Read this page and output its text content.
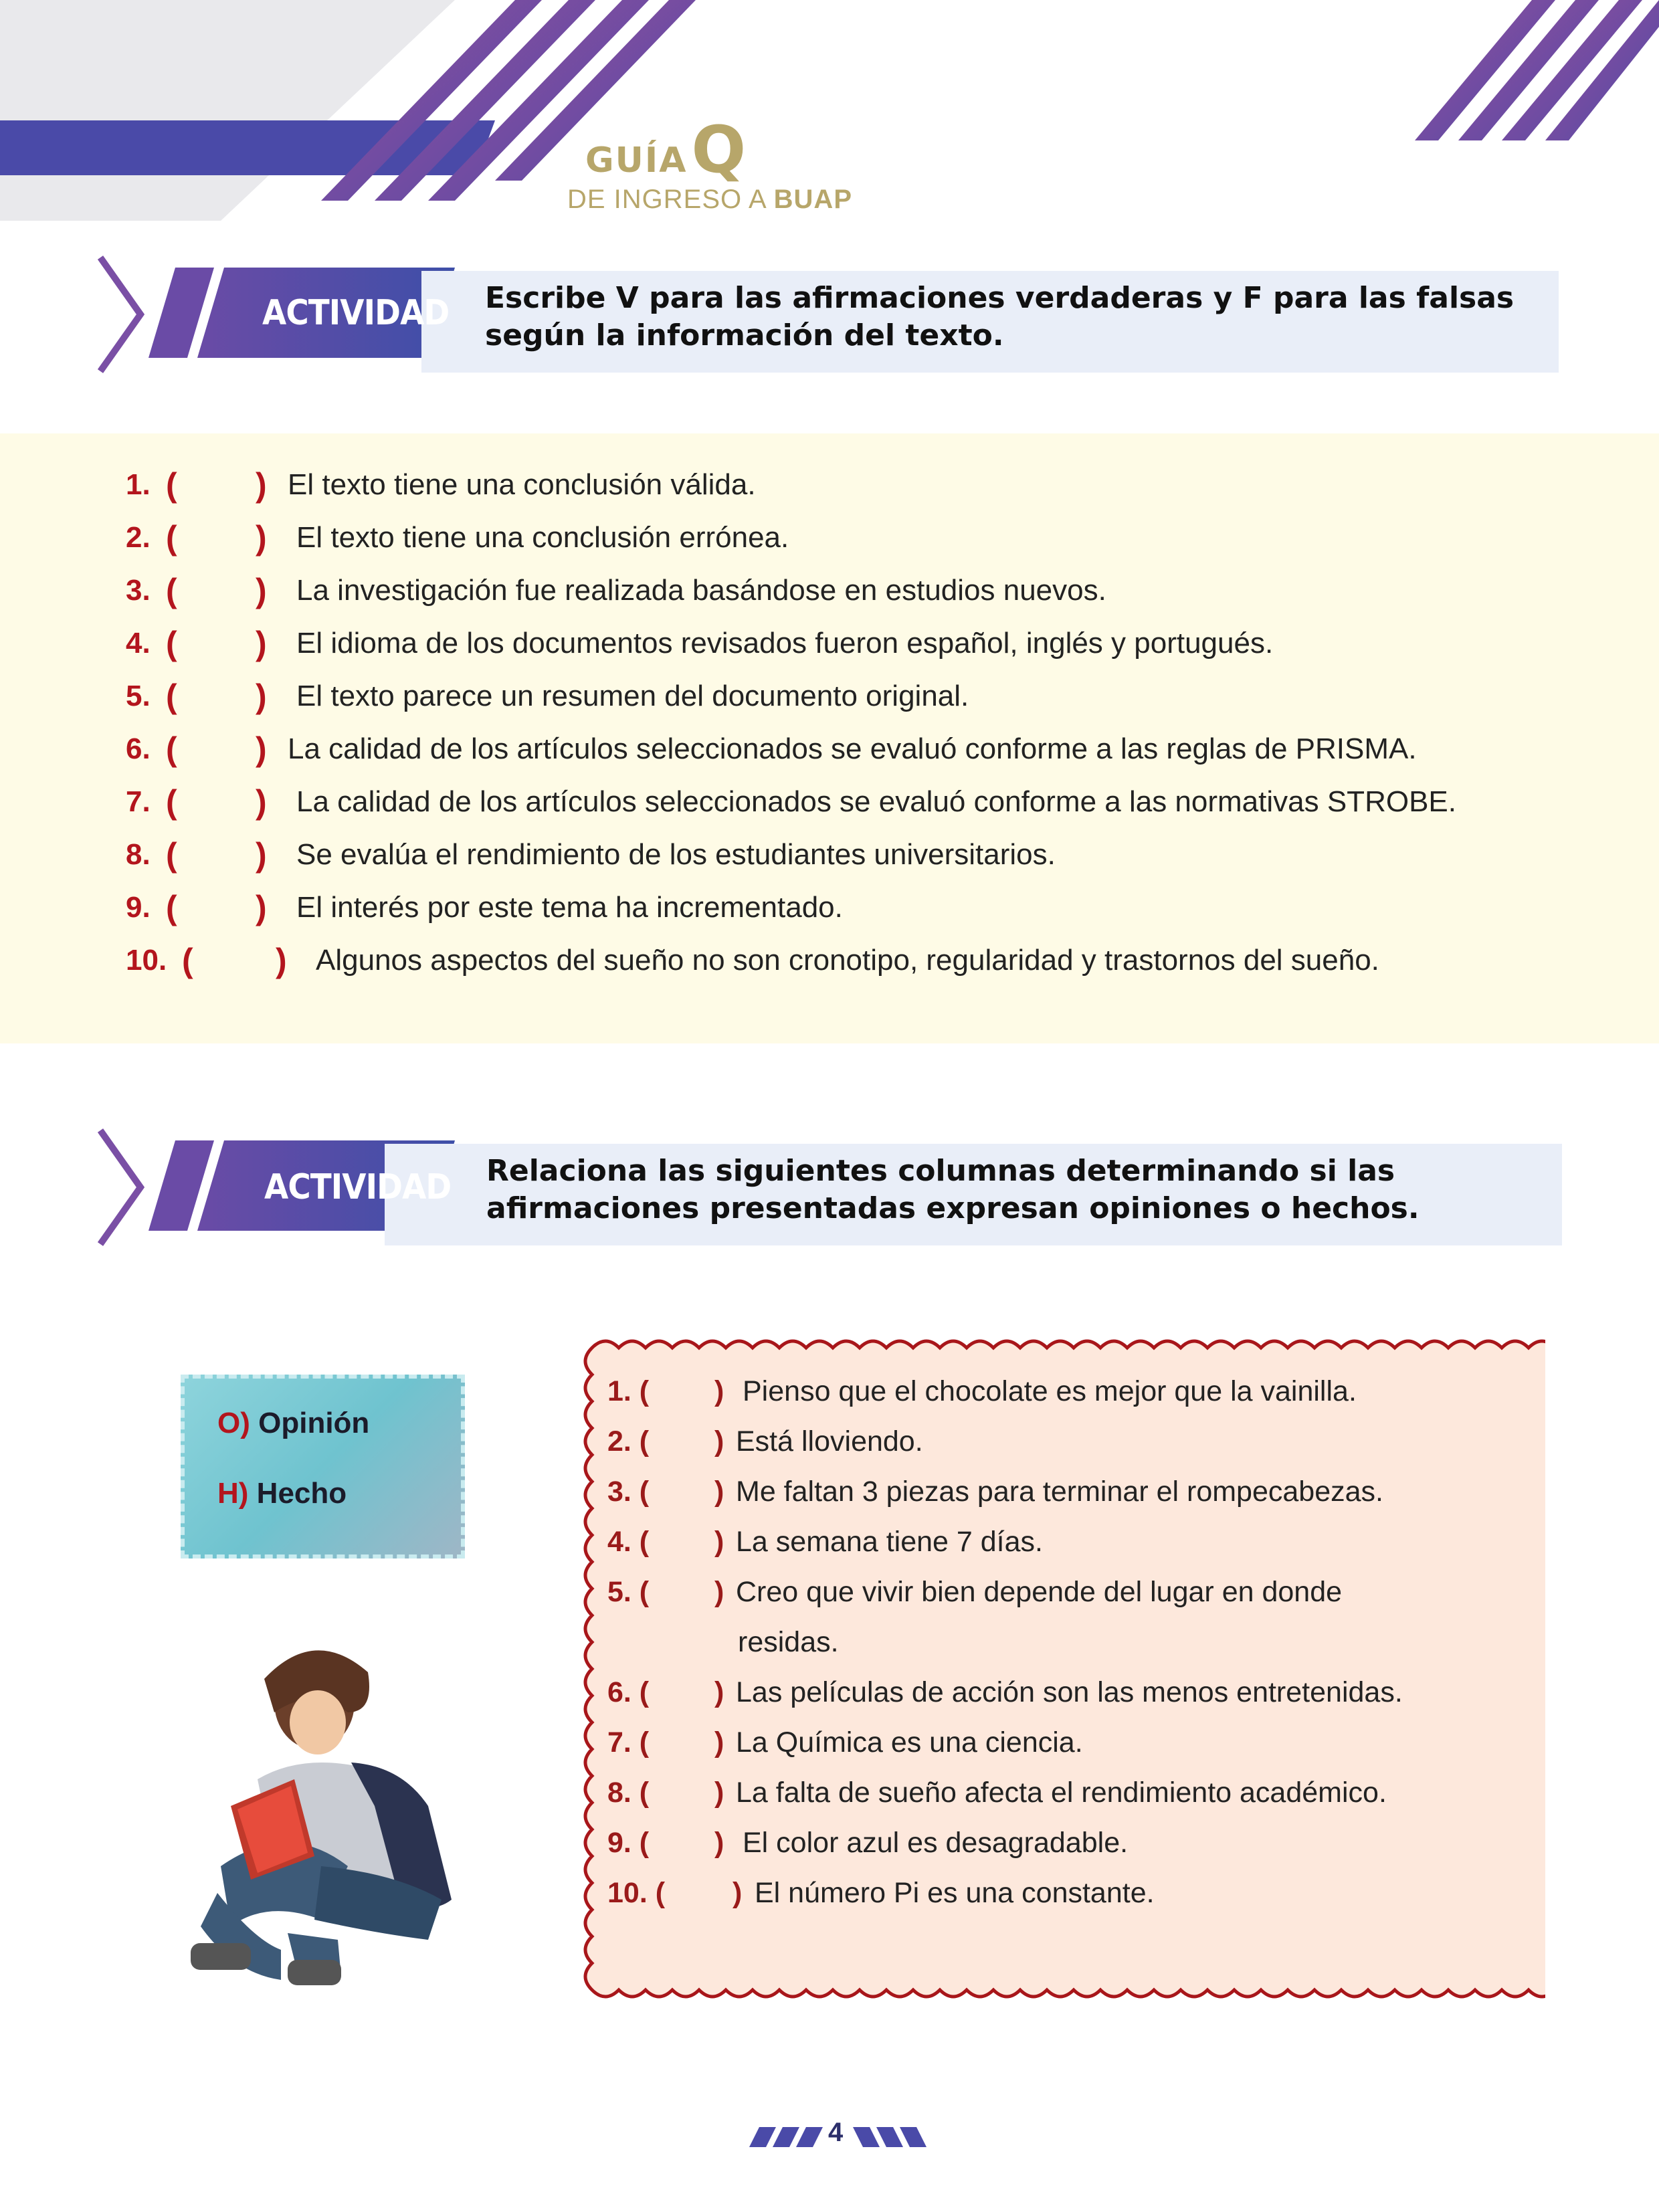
GUÍAQ
DE INGRESO A BUAP
ACTIVIDAD Escribe V para las afirmaciones verdaderas y F para las falsas según la información del texto.
1. ( ) El texto tiene una conclusión válida.
2. ( ) El texto tiene una conclusión errónea.
3. ( ) La investigación fue realizada basándose en estudios nuevos.
4. ( ) El idioma de los documentos revisados fueron español, inglés y portugués.
5. ( ) El texto parece un resumen del documento original.
6. ( ) La calidad de los artículos seleccionados se evaluó conforme a las reglas de PRISMA.
7. ( ) La calidad de los artículos seleccionados se evaluó conforme a las normativas STROBE.
8. ( ) Se evalúa el rendimiento de los estudiantes universitarios.
9. ( ) El interés por este tema ha incrementado.
10. ( ) Algunos aspectos del sueño no son cronotipo, regularidad y trastornos del sueño.
ACTIVIDAD Relaciona las siguientes columnas determinando si las afirmaciones presentadas expresan opiniones o hechos.
O) Opinión
H) Hecho
1. ( ) Pienso que el chocolate es mejor que la vainilla.
2. ( ) Está lloviendo.
3. ( ) Me faltan 3 piezas para terminar el rompecabezas.
4. ( ) La semana tiene 7 días.
5. ( ) Creo que vivir bien depende del lugar en donde
residas.
6. ( ) Las películas de acción son las menos entretenidas.
7. ( ) La Química es una ciencia.
8. ( ) La falta de sueño afecta el rendimiento académico.
9. ( ) El color azul es desagradable.
10. ( ) El número Pi es una constante.
4
